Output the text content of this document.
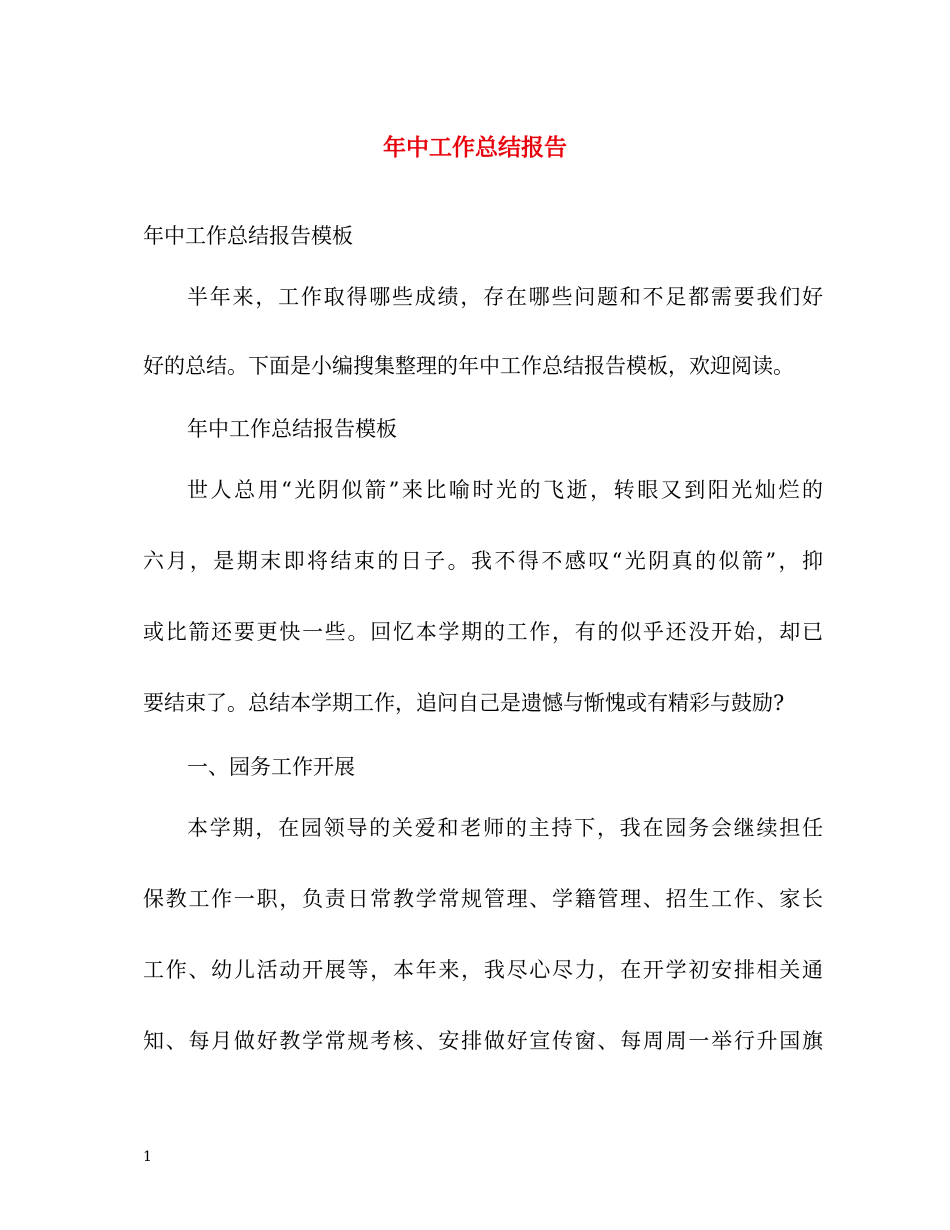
年中工作总结报告
年中工作总结报告模板
半年来，工作取得哪些成绩，存在哪些问题和不足都需要我们好
好的总结。下面是小编搜集整理的年中工作总结报告模板，欢迎阅读。
年中工作总结报告模板
世人总用“光阴似箭”来比喻时光的飞逝，转眼又到阳光灿烂的
六月，是期末即将结束的日子。我不得不感叹“光阴真的似箭”，抑
或比箭还要更快一些。回忆本学期的工作，有的似乎还没开始，却已
要结束了。总结本学期工作，追问自己是遗憾与惭愧或有精彩与鼓励?
一、园务工作开展
本学期，在园领导的关爱和老师的主持下，我在园务会继续担任
保教工作一职，负责日常教学常规管理、学籍管理、招生工作、家长
工作、幼儿活动开展等，本年来，我尽心尽力，在开学初安排相关通
知、每月做好教学常规考核、安排做好宣传窗、每周周一举行升国旗
1
